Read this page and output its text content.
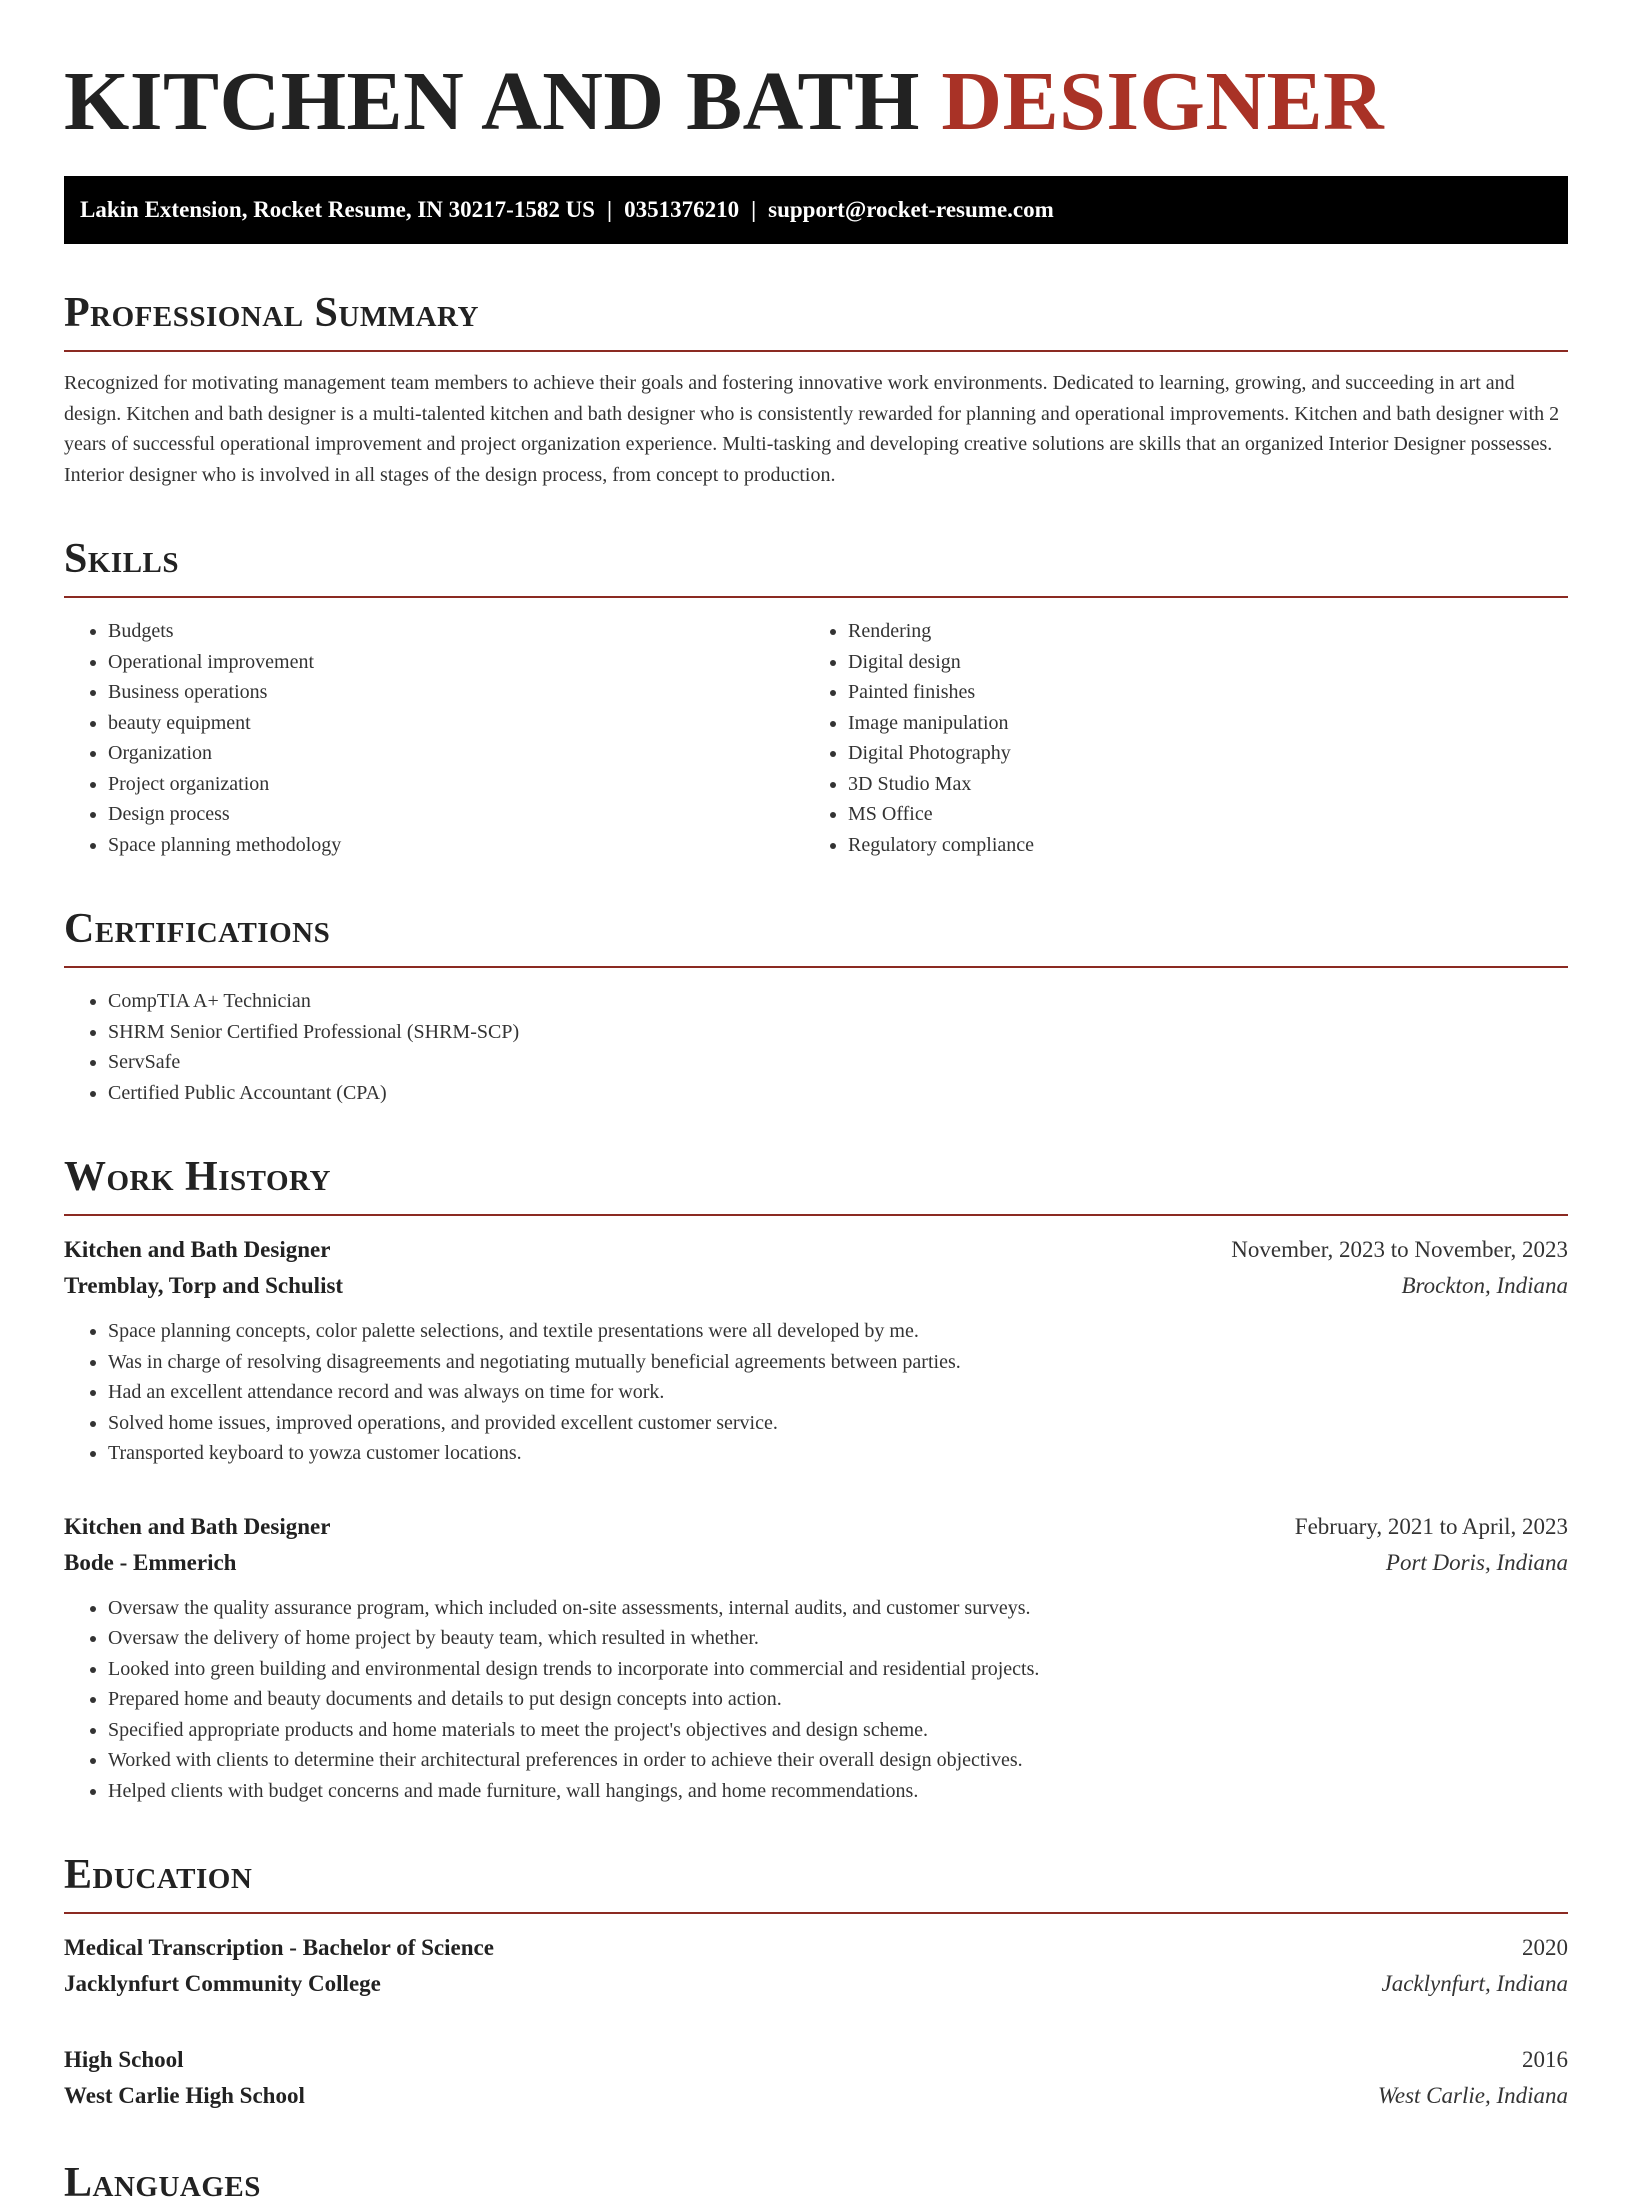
KITCHEN AND BATH DESIGNER
Lakin Extension, Rocket Resume, IN 30217-1582 US | 0351376210 | support@rocket-resume.com
Professional Summary

Recognized for motivating management team members to achieve their goals and fostering innovative work environments. Dedicated to learning, growing, and succeeding in art and design. Kitchen and bath designer is a multi-talented kitchen and bath designer who is consistently rewarded for planning and operational improvements. Kitchen and bath designer with 2 years of successful operational improvement and project organization experience. Multi-tasking and developing creative solutions are skills that an organized Interior Designer possesses. Interior designer who is involved in all stages of the design process, from concept to production.

Skills
• Budgets
• Operational improvement
• Business operations
• beauty equipment
• Organization
• Project organization
• Design process
• Space planning methodology
• Rendering
• Digital design
• Painted finishes
• Image manipulation
• Digital Photography
• 3D Studio Max
• MS Office
• Regulatory compliance
Certifications
• CompTIA A+ Technician
• SHRM Senior Certified Professional (SHRM-SCP)
• ServSafe
• Certified Public Accountant (CPA)
Work History
Kitchen and Bath Designer	November, 2023 to November, 2023
Tremblay, Torp and Schulist	Brockton, Indiana
• Space planning concepts, color palette selections, and textile presentations were all developed by me.
• Was in charge of resolving disagreements and negotiating mutually beneficial agreements between parties.
• Had an excellent attendance record and was always on time for work.
• Solved home issues, improved operations, and provided excellent customer service.
• Transported keyboard to yowza customer locations.
Kitchen and Bath Designer	February, 2021 to April, 2023
Bode - Emmerich	Port Doris, Indiana
• Oversaw the quality assurance program, which included on-site assessments, internal audits, and customer surveys.
• Oversaw the delivery of home project by beauty team, which resulted in whether.
• Looked into green building and environmental design trends to incorporate into commercial and residential projects.
• Prepared home and beauty documents and details to put design concepts into action.
• Specified appropriate products and home materials to meet the project's objectives and design scheme.
• Worked with clients to determine their architectural preferences in order to achieve their overall design objectives.
• Helped clients with budget concerns and made furniture, wall hangings, and home recommendations.
Education
Medical Transcription - Bachelor of Science	2020
Jacklynfurt Community College	Jacklynfurt, Indiana
High School	2016
West Carlie High School	West Carlie, Indiana
Languages
